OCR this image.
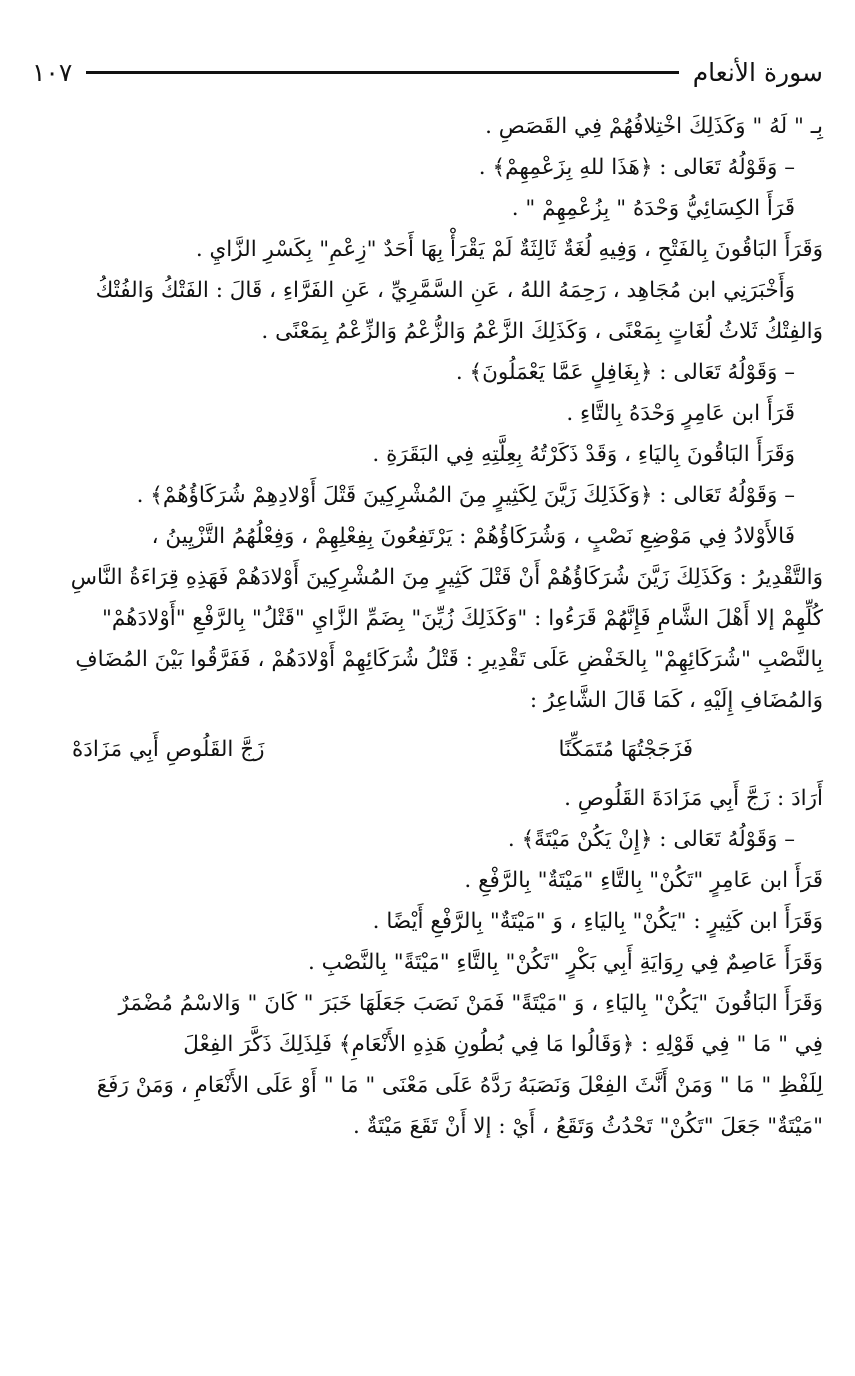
سورة الأنعام
١٠٧

بِـ " لَهُ " وَكَذَلِكَ اخْتِلافُهُمْ فِي القَصَصِ .

– وَقَوْلُهُ تَعَالى : ﴿هَذَا للهِ بِزَعْمِهِمْ﴾ .

قَرَأَ الكِسَائِيُّ وَحْدَهُ " بِزُعْمِهِمْ " .

وَقَرَأَ البَاقُونَ بِالفَتْحِ ، وَفِيهِ لُغَةٌ ثَالِثَةٌ لَمْ يَقْرَأْ بِهَا أَحَدٌ "زِعْمِ" بِكَسْرِ الزَّايِ .

وَأَخْبَرَنِي ابن مُجَاهِد ، رَحِمَهُ اللهُ ، عَنِ السَّمَّرِيِّ ، عَنِ الفَرَّاءِ ، قَالَ : الفَتْكُ وَالفُتْكُ

وَالفِتْكُ ثَلاثُ لُغَاتٍ بِمَعْنًى ، وَكَذَلِكَ الزَّعْمُ وَالزُّعْمُ وَالزِّعْمُ بِمَعْنًى .

– وَقَوْلُهُ تَعَالى : ﴿بِغَافِلٍ عَمَّا يَعْمَلُونَ﴾ .

قَرَأَ ابن عَامِرٍ وَحْدَهُ بِالتَّاءِ .

وَقَرَأَ البَاقُونَ بِاليَاءِ ، وَقَدْ ذَكَرْتُهُ بِعِلَّتِهِ فِي البَقَرَةِ .

– وَقَوْلُهُ تَعَالى : ﴿وَكَذَلِكَ زَيَّنَ لِكَثِيرٍ مِنَ المُشْرِكِينَ قَتْلَ أَوْلادِهِمْ شُرَكَاؤُهُمْ﴾ .

فَالأَوْلادُ فِي مَوْضِعِ نَصْبٍ ، وَشُرَكَاؤُهُمْ : يَرْتَفِعُونَ بِفِعْلِهِمْ ، وَفِعْلُهُمُ التَّزْيِينُ ،

وَالتَّقْدِيرُ : وَكَذَلِكَ زَيَّنَ شُرَكَاؤُهُمْ أَنْ قَتْلَ كَثِيرٍ مِنَ المُشْرِكِينَ أَوْلادَهُمْ فَهَذِهِ قِرَاءَةُ النَّاسِ

كُلِّهِمْ إلا أَهْلَ الشَّامِ فَإِنَّهُمْ قَرَءُوا : "وَكَذَلِكَ زُيِّنَ" بِضَمِّ الزَّايِ "قَتْلُ" بِالرَّفْعِ "أَوْلادَهُمْ"

بِالنَّصْبِ "شُرَكَائِهِمْ" بِالخَفْضِ عَلَى تَقْدِيرِ : قَتْلُ شُرَكَائِهِمْ أَوْلادَهُمْ ، فَفَرَّقُوا بَيْنَ المُضَافِ

وَالمُضَافِ إِلَيْهِ ، كَمَا قَالَ الشَّاعِرُ :

فَزَجَجْتُهَا مُتَمَكِّنًا
زَجَّ القَلُوصِ أَبِي مَزَادَهْ

أَرَادَ : زَجَّ أَبِي مَزَادَةَ القَلُوصِ .

– وَقَوْلُهُ تَعَالى : ﴿إِنْ يَكُنْ مَيْتَةً﴾ .

قَرَأَ ابن عَامِرٍ "تَكُنْ" بِالتَّاءِ "مَيْتَةٌ" بِالرَّفْعِ .

وَقَرَأَ ابن كَثِيرٍ : "يَكُنْ" بِاليَاءِ ، وَ "مَيْتَةٌ" بِالرَّفْعِ أَيْضًا .

وَقَرَأَ عَاصِمٌ فِي رِوَايَةِ أَبِي بَكْرٍ "تَكُنْ" بِالتَّاءِ "مَيْتَةً" بِالنَّصْبِ .

وَقَرَأَ البَاقُونَ "يَكُنْ" بِاليَاءِ ، وَ "مَيْتَةً" فَمَنْ نَصَبَ جَعَلَهَا خَبَرَ " كَانَ " وَالاسْمُ مُضْمَرٌ

فِي " مَا " فِي قَوْلِهِ : ﴿وَقَالُوا مَا فِي بُطُونِ هَذِهِ الأَنْعَامِ﴾ فَلِذَلِكَ ذَكَّرَ الفِعْلَ

لِلَفْظِ " مَا " وَمَنْ أَنَّثَ الفِعْلَ وَنَصَبَهُ رَدَّهُ عَلَى مَعْنَى " مَا " أَوْ عَلَى الأَنْعَامِ ، وَمَنْ رَفَعَ

"مَيْتَةٌ" جَعَلَ "تَكُنْ" تَحْدُثُ وَتَقَعُ ، أَيْ : إلا أَنْ تَقَعَ مَيْتَةٌ .
